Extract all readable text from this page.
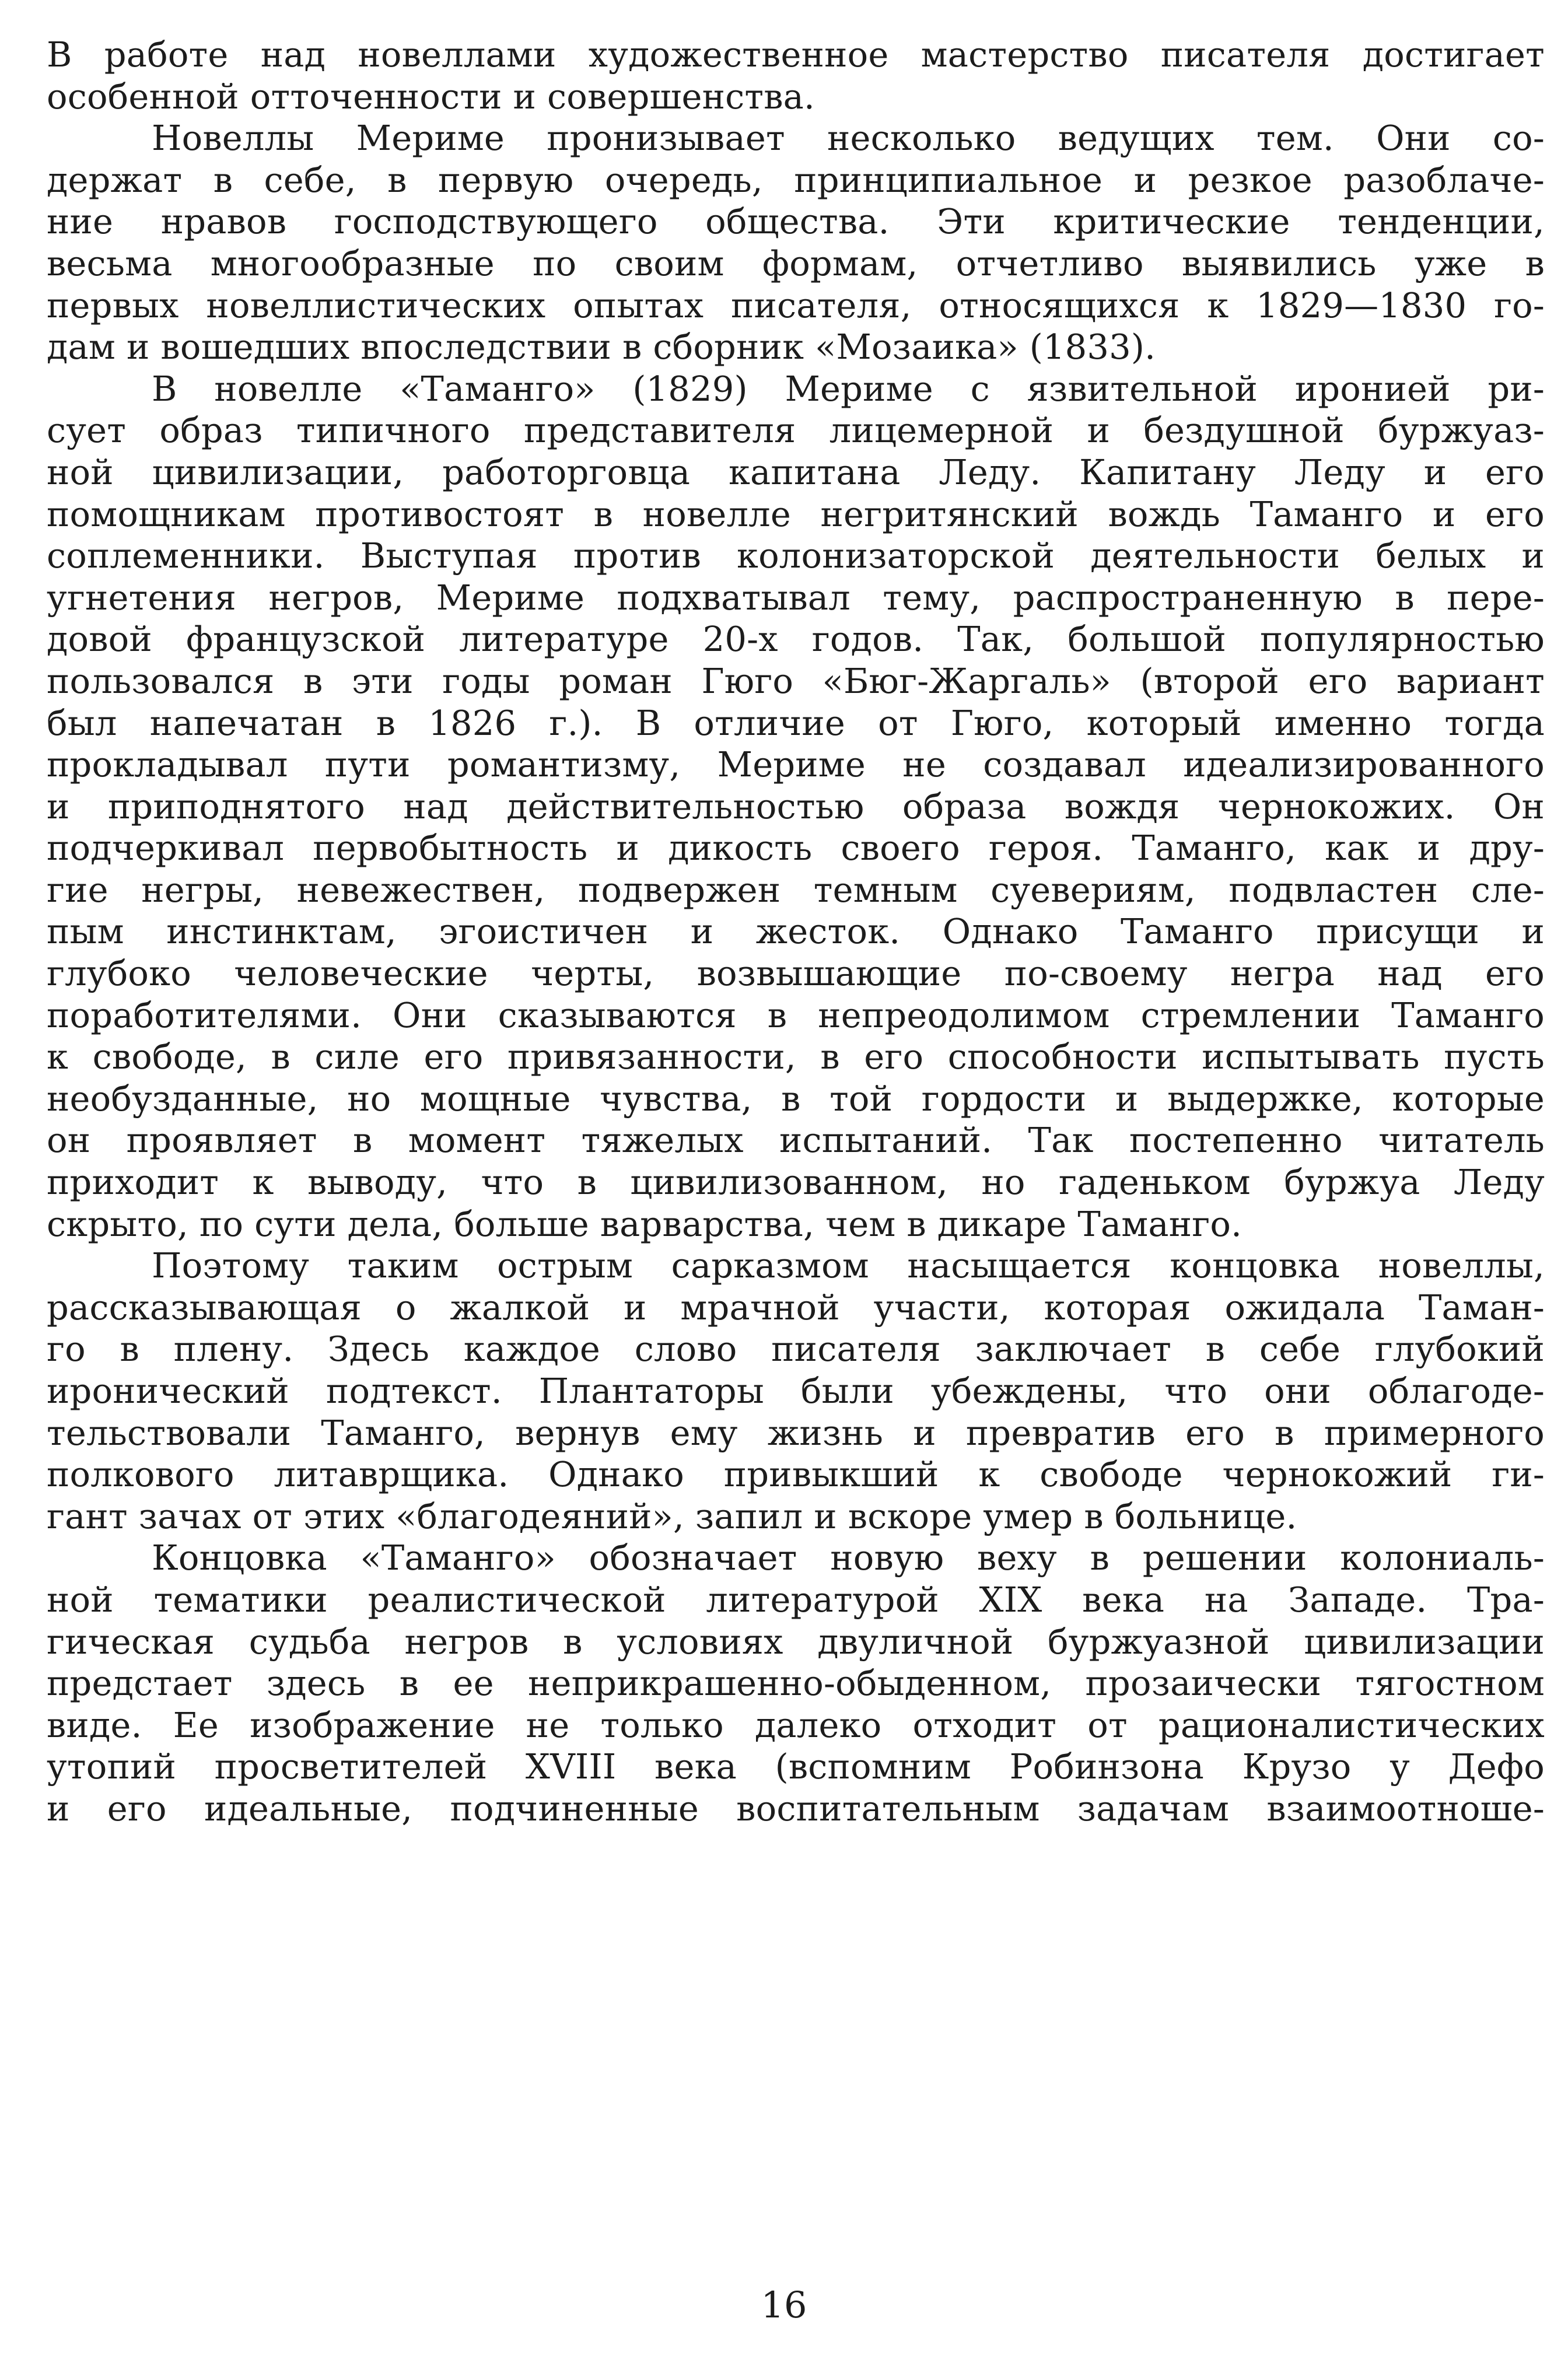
В работе над новеллами художественное мастерство писателя достигает
особенной отточенности и совершенства.
Новеллы Мериме пронизывает несколько ведущих тем. Они со-
держат в себе, в первую очередь, принципиальное и резкое разоблаче-
ние нравов господствующего общества. Эти критические тенденции,
весьма многообразные по своим формам, отчетливо выявились уже в
первых новеллистических опытах писателя, относящихся к 1829—1830 го-
дам и вошедших впоследствии в сборник «Мозаика» (1833).
В новелле «Таманго» (1829) Мериме с язвительной иронией ри-
сует образ типичного представителя лицемерной и бездушной буржуаз-
ной цивилизации, работорговца капитана Леду. Капитану Леду и его
помощникам противостоят в новелле негритянский вождь Таманго и его
соплеменники. Выступая против колонизаторской деятельности белых и
угнетения негров, Мериме подхватывал тему, распространенную в пере-
довой французской литературе 20-х годов. Так, большой популярностью
пользовался в эти годы роман Гюго «Бюг-Жаргаль» (второй его вариант
был напечатан в 1826 г.). В отличие от Гюго, который именно тогда
прокладывал пути романтизму, Мериме не создавал идеализированного
и приподнятого над действительностью образа вождя чернокожих. Он
подчеркивал первобытность и дикость своего героя. Таманго, как и дру-
гие негры, невежествен, подвержен темным суевериям, подвластен сле-
пым инстинктам, эгоистичен и жесток. Однако Таманго присущи и
глубоко человеческие черты, возвышающие по-своему негра над его
поработителями. Они сказываются в непреодолимом стремлении Таманго
к свободе, в силе его привязанности, в его способности испытывать пусть
необузданные, но мощные чувства, в той гордости и выдержке, которые
он проявляет в момент тяжелых испытаний. Так постепенно читатель
приходит к выводу, что в цивилизованном, но гаденьком буржуа Леду
скрыто, по сути дела, больше варварства, чем в дикаре Таманго.
Поэтому таким острым сарказмом насыщается концовка новеллы,
рассказывающая о жалкой и мрачной участи, которая ожидала Таман-
го в плену. Здесь каждое слово писателя заключает в себе глубокий
иронический подтекст. Плантаторы были убеждены, что они облагоде-
тельствовали Таманго, вернув ему жизнь и превратив его в примерного
полкового литаврщика. Однако привыкший к свободе чернокожий ги-
гант зачах от этих «благодеяний», запил и вскоре умер в больнице.
Концовка «Таманго» обозначает новую веху в решении колониаль-
ной тематики реалистической литературой XIX века на Западе. Тра-
гическая судьба негров в условиях двуличной буржуазной цивилизации
предстает здесь в ее неприкрашенно-обыденном, прозаически тягостном
виде. Ее изображение не только далеко отходит от рационалистических
утопий просветителей XVIII века (вспомним Робинзона Крузо у Дефо
и его идеальные, подчиненные воспитательным задачам взаимоотноше-
16
